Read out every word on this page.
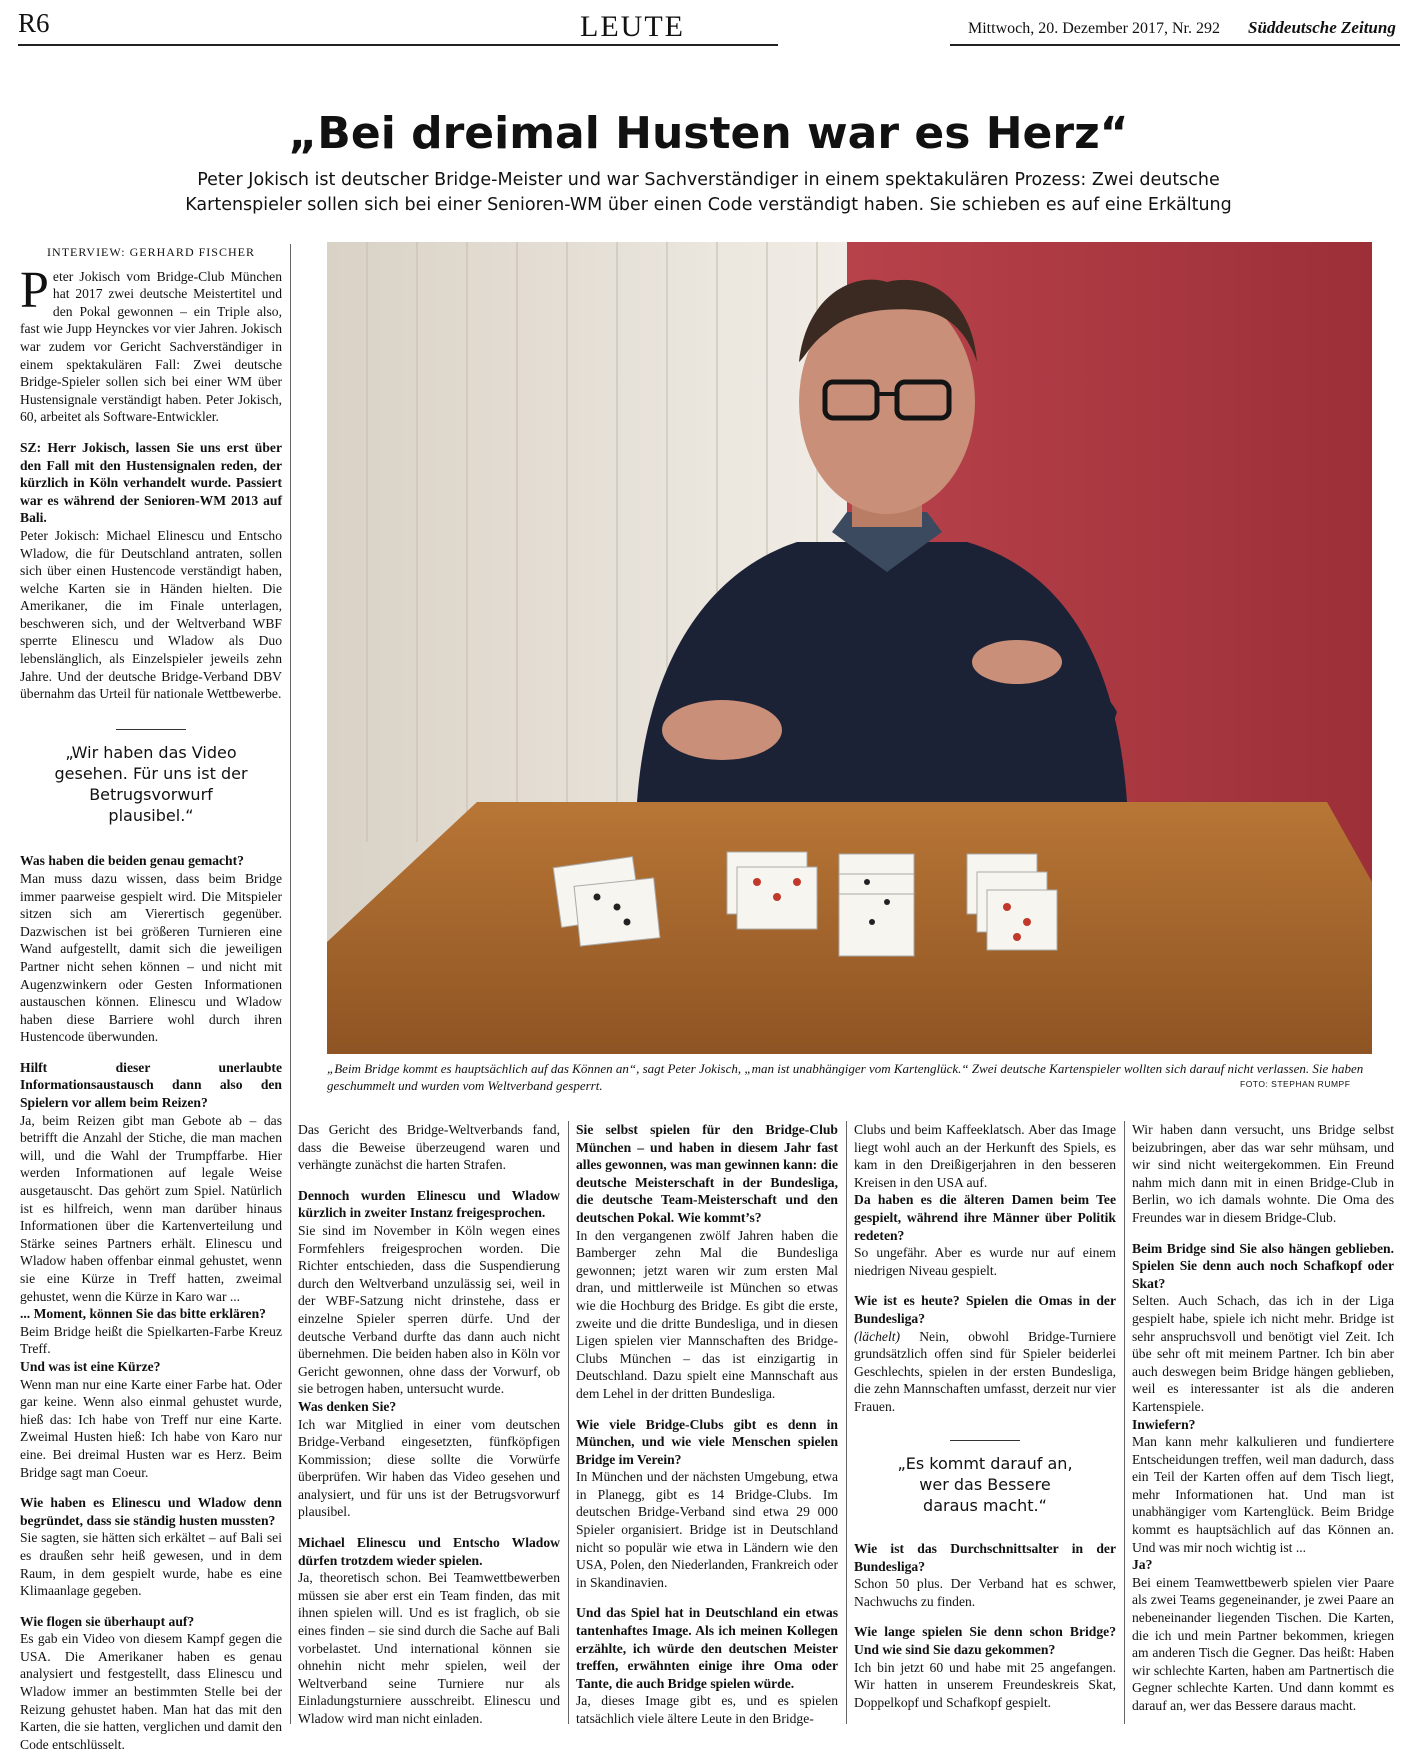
R6	LEUTE	Mittwoch, 20. Dezember 2017, Nr. 292 Süddeutsche Zeitung
„Bei dreimal Husten war es Herz“
Peter Jokisch ist deutscher Bridge-Meister und war Sachverständiger in einem spektakulären Prozess: Zwei deutsche Kartenspieler sollen sich bei einer Senioren-WM über einen Code verständigt haben. Sie schieben es auf eine Erkältung
INTERVIEW: GERHARD FISCHER

Peter Jokisch vom Bridge-Club München hat 2017 zwei deutsche Meistertitel und den Pokal gewonnen – ein Triple also, fast wie Jupp Heynckes vor vier Jahren. Jokisch war zudem vor Gericht Sachverständiger in einem spektakulären Fall: Zwei deutsche Bridge-Spieler sollen sich bei einer WM über Hustensignale verständigt haben. Peter Jokisch, 60, arbeitet als Software-Entwickler.

SZ: Herr Jokisch, lassen Sie uns erst über den Fall mit den Hustensignalen reden, der kürzlich in Köln verhandelt wurde. Passiert war es während der Senioren-WM 2013 auf Bali.

Peter Jokisch: Michael Elinescu und Entscho Wladow, die für Deutschland antraten, sollen sich über einen Hustencode verständigt haben, welche Karten sie in Händen hielten. Die Amerikaner, die im Finale unterlagen, beschweren sich, und der Weltverband WBF sperrte Elinescu und Wladow als Duo lebenslänglich, als Einzelspieler jeweils zehn Jahre. Und der deutsche Bridge-Verband DBV übernahm das Urteil für nationale Wettbewerbe.

„Wir haben das Video gesehen. Für uns ist der Betrugsvorwurf plausibel.“

Was haben die beiden genau gemacht?

Man muss dazu wissen, dass beim Bridge immer paarweise gespielt wird. Die Mitspieler sitzen sich am Vierertisch gegenüber. Dazwischen ist bei größeren Turnieren eine Wand aufgestellt, damit sich die jeweiligen Partner nicht sehen können – und nicht mit Augenzwinkern oder Gesten Informationen austauschen können. Elinescu und Wladow haben diese Barriere wohl durch ihren Hustencode überwunden.

Hilft dieser unerlaubte Informationsaustausch dann also den Spielern vor allem beim Reizen?

Ja, beim Reizen gibt man Gebote ab – das betrifft die Anzahl der Stiche, die man machen will, und die Wahl der Trumpffarbe. Hier werden Informationen auf legale Weise ausgetauscht. Das gehört zum Spiel. Natürlich ist es hilfreich, wenn man darüber hinaus Informationen über die Kartenverteilung und Stärke seines Partners erhält. Elinescu und Wladow haben offenbar einmal gehustet, wenn sie eine Kürze in Treff hatten, zweimal gehustet, wenn die Kürze in Karo war ...

... Moment, können Sie das bitte erklären?

Beim Bridge heißt die Spielkarten-Farbe Kreuz Treff.

Und was ist eine Kürze?

Wenn man nur eine Karte einer Farbe hat. Oder gar keine. Wenn also einmal gehustet wurde, hieß das: Ich habe von Treff nur eine Karte. Zweimal Husten hieß: Ich habe von Karo nur eine. Bei dreimal Husten war es Herz. Beim Bridge sagt man Coeur.

Wie haben es Elinescu und Wladow denn begründet, dass sie ständig husten mussten?

Sie sagten, sie hätten sich erkältet – auf Bali sei es draußen sehr heiß gewesen, und in dem Raum, in dem gespielt wurde, habe es eine Klimaanlage gegeben.

Wie flogen sie überhaupt auf?

Es gab ein Video von diesem Kampf gegen die USA. Die Amerikaner haben es genau analysiert und festgestellt, dass Elinescu und Wladow immer an bestimmten Stelle bei der Reizung gehustet haben. Man hat das mit den Karten, die sie hatten, verglichen und damit den Code entschlüsselt.

„Beim Bridge kommt es hauptsächlich auf das Können an“, sagt Peter Jokisch, „man ist unabhängiger vom Kartenglück.“ Zwei deutsche Kartenspieler wollten sich darauf nicht verlassen. Sie haben geschummelt und wurden vom Weltverband gesperrt.	FOTO: STEPHAN RUMPF

Das Gericht des Bridge-Weltverbands fand, dass die Beweise überzeugend waren und verhängte zunächst die harten Strafen.

Dennoch wurden Elinescu und Wladow kürzlich in zweiter Instanz freigesprochen.

Sie sind im November in Köln wegen eines Formfehlers freigesprochen worden. Die Richter entschieden, dass die Suspendierung durch den Weltverband unzulässig sei, weil in der WBF-Satzung nicht drinstehe, dass er einzelne Spieler sperren dürfe. Und der deutsche Verband durfte das dann auch nicht übernehmen. Die beiden haben also in Köln vor Gericht gewonnen, ohne dass der Vorwurf, ob sie betrogen haben, untersucht wurde.

Was denken Sie?

Ich war Mitglied in einer vom deutschen Bridge-Verband eingesetzten, fünfköpfigen Kommission; diese sollte die Vorwürfe überprüfen. Wir haben das Video gesehen und analysiert, und für uns ist der Betrugsvorwurf plausibel.

Michael Elinescu und Entscho Wladow dürfen trotzdem wieder spielen.

Ja, theoretisch schon. Bei Teamwettbewerben müssen sie aber erst ein Team finden, das mit ihnen spielen will. Und es ist fraglich, ob sie eines finden – sie sind durch die Sache auf Bali vorbelastet. Und international können sie ohnehin nicht mehr spielen, weil der Weltverband seine Turniere nur als Einladungsturniere ausschreibt. Elinescu und Wladow wird man nicht einladen.

Sie selbst spielen für den Bridge-Club München – und haben in diesem Jahr fast alles gewonnen, was man gewinnen kann: die deutsche Meisterschaft in der Bundesliga, die deutsche Team-Meisterschaft und den deutschen Pokal. Wie kommt’s?

In den vergangenen zwölf Jahren haben die Bamberger zehn Mal die Bundesliga gewonnen; jetzt waren wir zum ersten Mal dran, und mittlerweile ist München so etwas wie die Hochburg des Bridge. Es gibt die erste, zweite und die dritte Bundesliga, und in diesen Ligen spielen vier Mannschaften des Bridge-Clubs München – das ist einzigartig in Deutschland. Dazu spielt eine Mannschaft aus dem Lehel in der dritten Bundesliga.

Wie viele Bridge-Clubs gibt es denn in München, und wie viele Menschen spielen Bridge im Verein?

In München und der nächsten Umgebung, etwa in Planegg, gibt es 14 Bridge-Clubs. Im deutschen Bridge-Verband sind etwa 29 000 Spieler organisiert. Bridge ist in Deutschland nicht so populär wie etwa in Ländern wie den USA, Polen, den Niederlanden, Frankreich oder in Skandinavien.

Und das Spiel hat in Deutschland ein etwas tantenhaftes Image. Als ich meinen Kollegen erzählte, ich würde den deutschen Meister treffen, erwähnten einige ihre Oma oder Tante, die auch Bridge spielen würde.

Ja, dieses Image gibt es, und es spielen tatsächlich viele ältere Leute in den Bridge-

Clubs und beim Kaffeeklatsch. Aber das Image liegt wohl auch an der Herkunft des Spiels, es kam in den Dreißigerjahren in den besseren Kreisen in den USA auf.

Da haben es die älteren Damen beim Tee gespielt, während ihre Männer über Politik redeten?

So ungefähr. Aber es wurde nur auf einem niedrigen Niveau gespielt.

Wie ist es heute? Spielen die Omas in der Bundesliga?

(lächelt) Nein, obwohl Bridge-Turniere grundsätzlich offen sind für Spieler beiderlei Geschlechts, spielen in der ersten Bundesliga, die zehn Mannschaften umfasst, derzeit nur vier Frauen.

„Es kommt darauf an, wer das Bessere daraus macht.“

Wie ist das Durchschnittsalter in der Bundesliga?

Schon 50 plus. Der Verband hat es schwer, Nachwuchs zu finden.

Wie lange spielen Sie denn schon Bridge? Und wie sind Sie dazu gekommen?

Ich bin jetzt 60 und habe mit 25 angefangen. Wir hatten in unserem Freundeskreis Skat, Doppelkopf und Schafkopf gespielt.

Wir haben dann versucht, uns Bridge selbst beizubringen, aber das war sehr mühsam, und wir sind nicht weitergekommen. Ein Freund nahm mich dann mit in einen Bridge-Club in Berlin, wo ich damals wohnte. Die Oma des Freundes war in diesem Bridge-Club.

Beim Bridge sind Sie also hängen geblieben. Spielen Sie denn auch noch Schafkopf oder Skat?

Selten. Auch Schach, das ich in der Liga gespielt habe, spiele ich nicht mehr. Bridge ist sehr anspruchsvoll und benötigt viel Zeit. Ich übe sehr oft mit meinem Partner. Ich bin aber auch deswegen beim Bridge hängen geblieben, weil es interessanter ist als die anderen Kartenspiele.

Inwiefern?

Man kann mehr kalkulieren und fundiertere Entscheidungen treffen, weil man dadurch, dass ein Teil der Karten offen auf dem Tisch liegt, mehr Informationen hat. Und man ist unabhängiger vom Kartenglück. Beim Bridge kommt es hauptsächlich auf das Können an. Und was mir noch wichtig ist ...

Ja?

Bei einem Teamwettbewerb spielen vier Paare als zwei Teams gegeneinander, je zwei Paare an nebeneinander liegenden Tischen. Die Karten, die ich und mein Partner bekommen, kriegen am anderen Tisch die Gegner. Das heißt: Haben wir schlechte Karten, haben am Partnertisch die Gegner schlechte Karten. Und dann kommt es darauf an, wer das Bessere daraus macht.
